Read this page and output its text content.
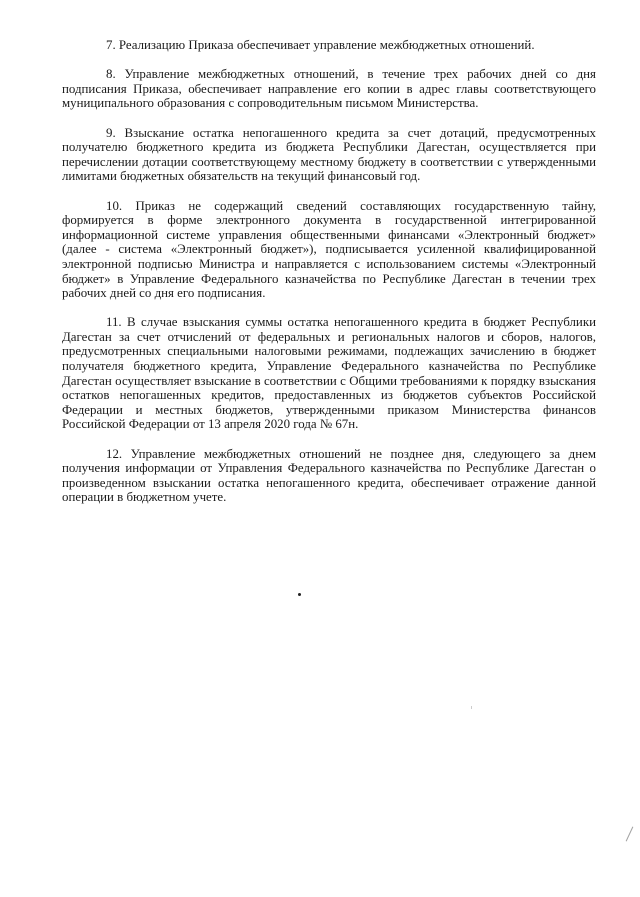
7. Реализацию Приказа обеспечивает управление межбюджетных отношений.

8. Управление межбюджетных отношений, в течение трех рабочих дней со дня подписания Приказа, обеспечивает направление его копии в адрес главы соответствующего муниципального образования с сопроводительным письмом Министерства.

9. Взыскание остатка непогашенного кредита за счет дотаций, предусмотренных получателю бюджетного кредита из бюджета Республики Дагестан, осуществляется при перечислении дотации соответствующему местному бюджету в соответствии с утвержденными лимитами бюджетных обязательств на текущий финансовый год.

10. Приказ не содержащий сведений составляющих государственную тайну, формируется в форме электронного документа в государственной интегрированной информационной системе управления общественными финансами «Электронный бюджет» (далее - система «Электронный бюджет»), подписывается усиленной квалифицированной электронной подписью Министра и направляется с использованием системы «Электронный бюджет» в Управление Федерального казначейства по Республике Дагестан в течении трех рабочих дней со дня его подписания.

11. В случае взыскания суммы остатка непогашенного кредита в бюджет Республики Дагестан за счет отчислений от федеральных и региональных налогов и сборов, налогов, предусмотренных специальными налоговыми режимами, подлежащих зачислению в бюджет получателя бюджетного кредита, Управление Федерального казначейства по Республике Дагестан осуществляет взыскание в соответствии с Общими требованиями к порядку взыскания остатков непогашенных кредитов, предоставленных из бюджетов субъектов Российской Федерации и местных бюджетов, утвержденными приказом Министерства финансов Российской Федерации от 13 апреля 2020 года № 67н.

12. Управление межбюджетных отношений не позднее дня, следующего за днем получения информации от Управления Федерального казначейства по Республике Дагестан о произведенном взыскании остатка непогашенного кредита, обеспечивает отражение данной операции в бюджетном учете.
